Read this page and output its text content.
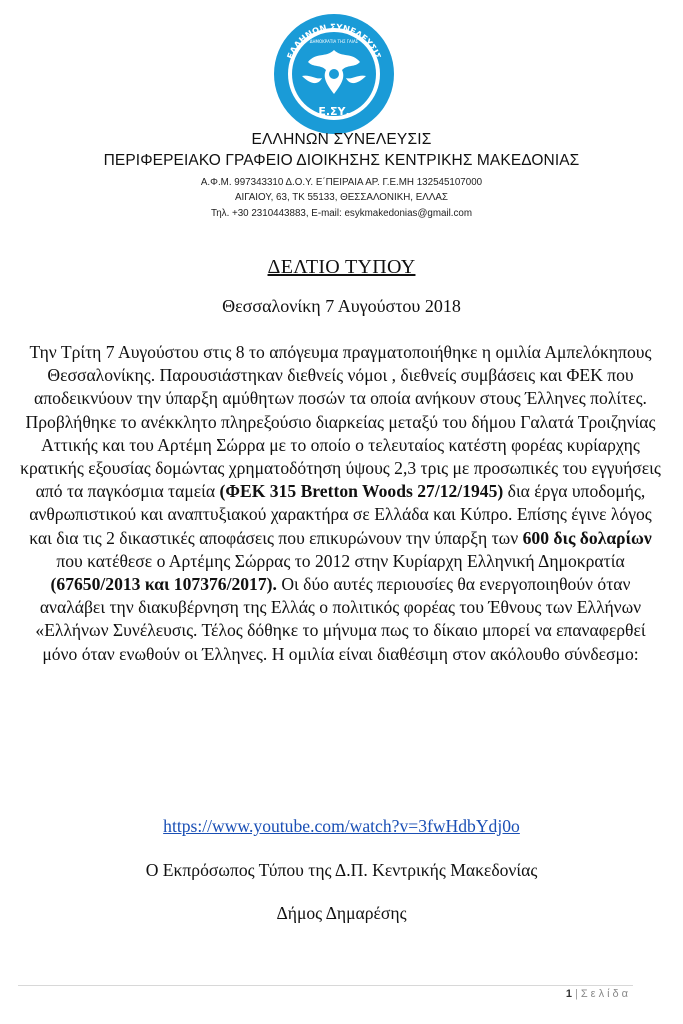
ΕΛΛΗΝΩΝ ΣΥΝΕΛΕΥΣΙΣ
ΔΗΜΟΚΡΑΤΙΑ ΤΗΣ ΓΑΙΑΣ
Ε.ΣΥ.
ΕΛΛΗΝΩΝ ΣΥΝΕΛΕΥΣΙΣ
ΠΕΡΙΦΕΡΕΙΑΚΟ ΓΡΑΦΕΙΟ ΔΙΟΙΚΗΣΗΣ ΚΕΝΤΡΙΚΗΣ ΜΑΚΕΔΟΝΙΑΣ
Α.Φ.Μ. 997343310 Δ.Ο.Υ. Ε΄ΠΕΙΡΑΙΑ ΑΡ. Γ.Ε.ΜΗ 132545107000
ΑΙΓΑΙΟΥ, 63, ΤΚ 55133, ΘΕΣΣΑΛΟΝΙΚΗ, ΕΛΛΑΣ
Τηλ. +30 2310443883, E-mail: esykmakedonias@gmail.com
ΔΕΛΤΙΟ ΤΥΠΟΥ
Θεσσαλονίκη 7 Αυγούστου 2018
Την Τρίτη 7 Αυγούστου στις 8 το απόγευμα πραγματοποιήθηκε η ομιλία Αμπελόκηπους Θεσσαλονίκης. Παρουσιάστηκαν διεθνείς νόμοι , διεθνείς συμβάσεις και ΦΕΚ που αποδεικνύουν την ύπαρξη αμύθητων ποσών τα οποία ανήκουν στους Έλληνες πολίτες. Προβλήθηκε το ανέκκλητο πληρεξούσιο διαρκείας μεταξύ του δήμου Γαλατά Τροιζηνίας Αττικής και του Αρτέμη Σώρρα με το οποίο ο τελευταίος κατέστη φορέας κυρίαρχης κρατικής εξουσίας δομώντας χρηματοδότηση ύψους 2,3 τρις με προσωπικές του εγγυήσεις από τα παγκόσμια ταμεία (ΦΕΚ 315 Bretton Woods 27/12/1945) δια έργα υποδομής, ανθρωπιστικού και αναπτυξιακού χαρακτήρα σε Ελλάδα και Κύπρο. Επίσης έγινε λόγος και δια τις 2 δικαστικές αποφάσεις που επικυρώνουν την ύπαρξη των 600 δις δολαρίων που κατέθεσε ο Αρτέμης Σώρρας το 2012 στην Κυρίαρχη Ελληνική Δημοκρατία (67650/2013 και 107376/2017). Οι δύο αυτές περιουσίες θα ενεργοποιηθούν όταν αναλάβει την διακυβέρνηση της Ελλάς ο πολιτικός φορέας του Έθνους των Ελλήνων «Ελλήνων Συνέλευσις. Τέλος δόθηκε το μήνυμα πως το δίκαιο μπορεί να επαναφερθεί μόνο όταν ενωθούν οι Έλληνες. Η ομιλία είναι διαθέσιμη στον ακόλουθο σύνδεσμο:
https://www.youtube.com/watch?v=3fwHdbYdj0o
Ο Εκπρόσωπος Τύπου της Δ.Π. Κεντρικής Μακεδονίας
Δήμος Δημαρέσης
1 | Σελίδα
